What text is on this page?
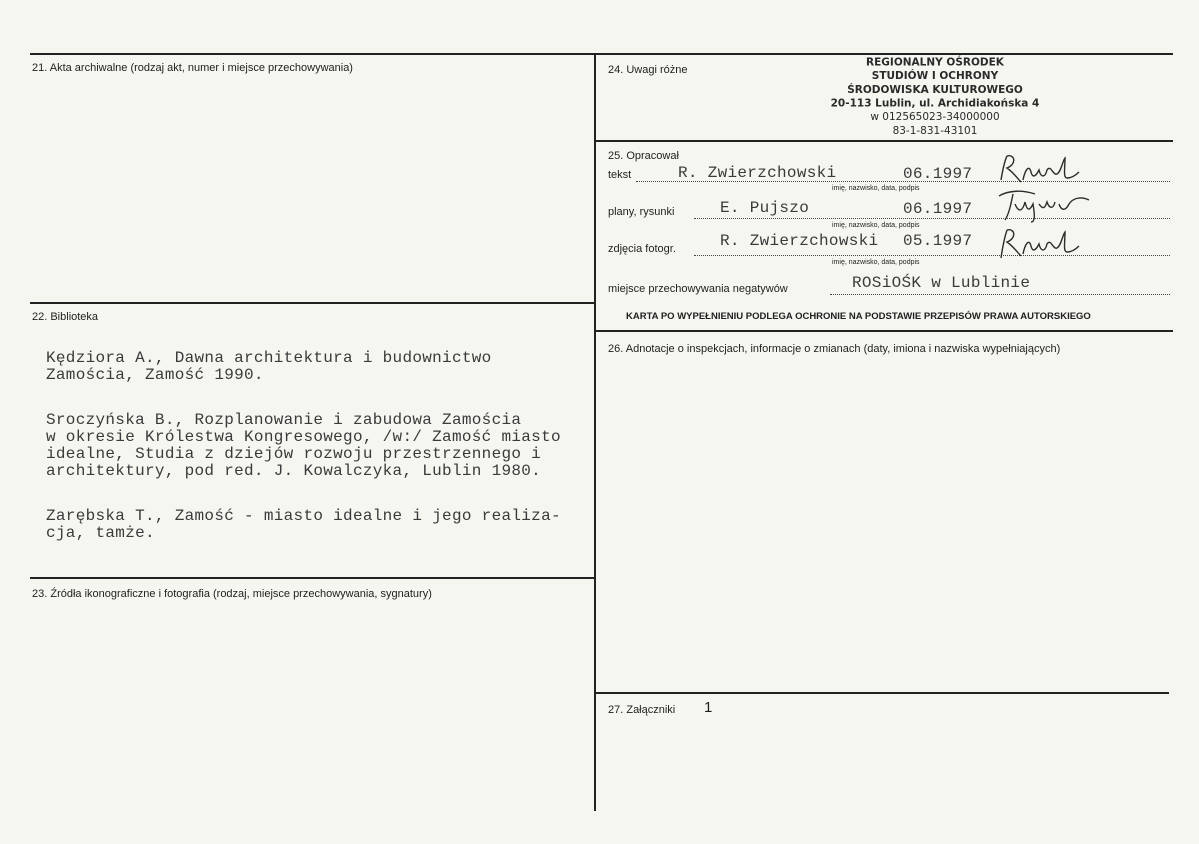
21. Akta archiwalne (rodzaj akt, numer i miejsce przechowywania)
22. Biblioteka

Kędziora A., Dawna architektura i budownictwo
Zamościa, Zamość 1990.

Sroczyńska B., Rozplanowanie i zabudowa Zamościa
w okresie Królestwa Kongresowego, /w:/ Zamość miasto
idealne, Studia z dziejów rozwoju przestrzennego i
architektury, pod red. J. Kowalczyka, Lublin 1980.

Zarębska T., Zamość - miasto idealne i jego realiza-
cja, tamże.

23. Źródła ikonograficzne i fotografia (rodzaj, miejsce przechowywania, sygnatury)
24. Uwagi różne
REGIONALNY OŚRODEK
STUDIÓW I OCHRONY
ŚRODOWISKA KULTUROWEGO
20-113 Lublin, ul. Archidiakońska 4
w 012565023-34000000
83-1-831-43101
25. Opracował
tekst	R. Zwierzchowski	06.1997
imię, nazwisko, data, podpis
plany, rysunki	E. Pujszo	06.1997
imię, nazwisko, data, podpis
zdjęcia fotogr.	R. Zwierzchowski 05.1997
imię, nazwisko, data, podpis
miejsce przechowywania negatywów	ROSiOŚK w Lublinie
KARTA PO WYPEŁNIENIU PODLEGA OCHRONIE NA PODSTAWIE PRZEPISÓW PRAWA AUTORSKIEGO
26. Adnotacje o inspekcjach, informacje o zmianach (daty, imiona i nazwiska wypełniających)
27. Załączniki 1
